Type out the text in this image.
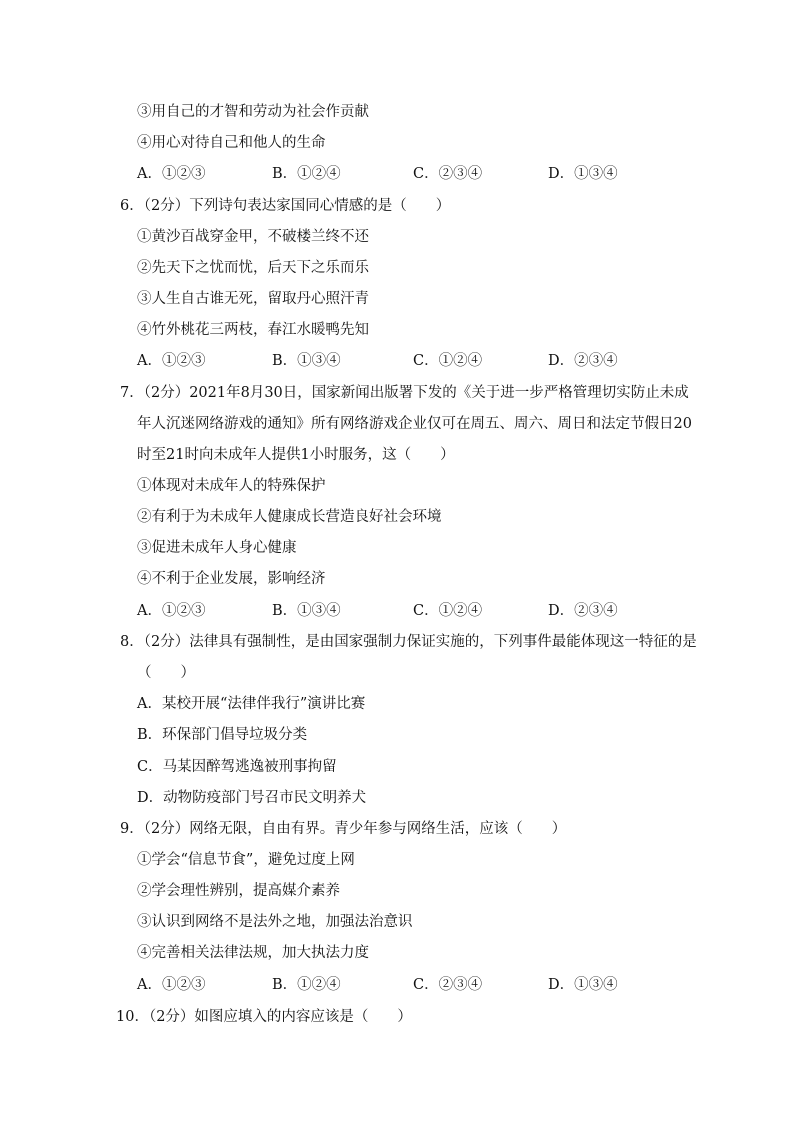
③用自己的才智和劳动为社会作贡献
④用心对待自己和他人的生命
A．①②③	B．①②④	C．②③④	D．①③④
6．（2分）下列诗句表达家国同心情感的是（　　）
①黄沙百战穿金甲，不破楼兰终不还
②先天下之忧而忧，后天下之乐而乐
③人生自古谁无死，留取丹心照汗青
④竹外桃花三两枝，春江水暖鸭先知
A．①②③	B．①③④	C．①②④	D．②③④
7．（2分）2021年8月30日，国家新闻出版署下发的《关于进一步严格管理切实防止未成
年人沉迷网络游戏的通知》所有网络游戏企业仅可在周五、周六、周日和法定节假日20
时至21时向未成年人提供1小时服务，这（　　）
①体现对未成年人的特殊保护
②有利于为未成年人健康成长营造良好社会环境
③促进未成年人身心健康
④不利于企业发展，影响经济
A．①②③	B．①③④	C．①②④	D．②③④
8．（2分）法律具有强制性，是由国家强制力保证实施的，下列事件最能体现这一特征的是
（　　）
A．某校开展“法律伴我行”演讲比赛
B．环保部门倡导垃圾分类
C．马某因醉驾逃逸被刑事拘留
D．动物防疫部门号召市民文明养犬
9．（2分）网络无限，自由有界。青少年参与网络生活，应该（　　）
①学会“信息节食”，避免过度上网
②学会理性辨别，提高媒介素养
③认识到网络不是法外之地，加强法治意识
④完善相关法律法规，加大执法力度
A．①②③	B．①②④	C．②③④	D．①③④
10．（2分）如图应填入的内容应该是（　　）
